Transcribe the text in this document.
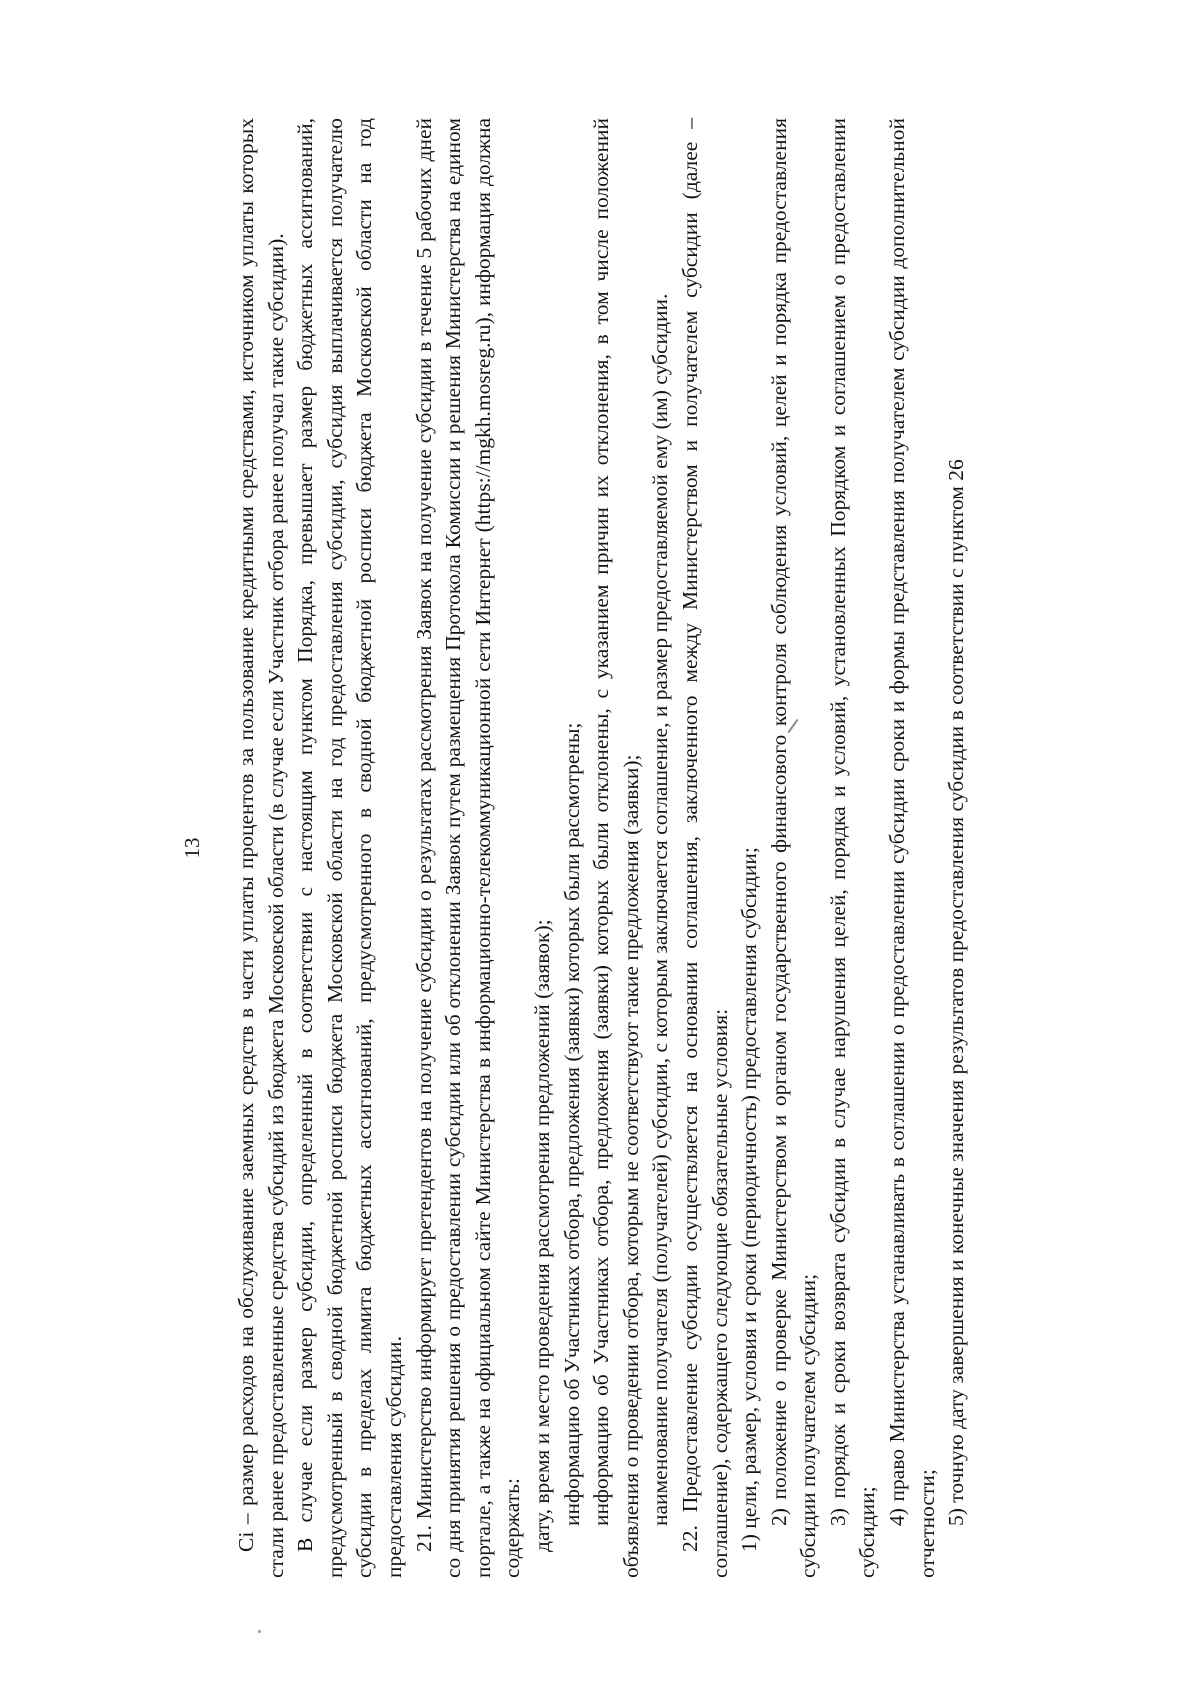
13 Ci – размер расходов на обслуживание заемных средств в части уплаты процентов за пользование кредитными средствами, источником уплаты которых стали ранее предоставленные средства субсидий из бюджета Московской области (в случае если Участник отбора ранее получал такие субсидии). В случае если размер субсидии, определенный в соответствии с настоящим пунктом Порядка, превышает размер бюджетных ассигнований, предусмотренный в сводной бюджетной росписи бюджета Московской области на год предоставления субсидии, субсидия выплачивается получателю субсидии в пределах лимита бюджетных ассигнований, предусмотренного в сводной бюджетной росписи бюджета Московской области на год предоставления субсидии. 21. Министерство информирует претендентов на получение субсидии о результатах рассмотрения Заявок на получение субсидии в течение 5 рабочих дней со дня принятия решения о предоставлении субсидии или об отклонении Заявок путем размещения Протокола Комиссии и решения Министерства на едином портале, а также на официальном сайте Министерства в информационно-телекоммуникационной сети Интернет (https://mgkh.mosreg.ru), информация должна содержать: дату, время и место проведения рассмотрения предложений (заявок); информацию об Участниках отбора, предложения (заявки) которых были рассмотрены; информацию об Участниках отбора, предложения (заявки) которых были отклонены, с указанием причин их отклонения, в том числе положений объявления о проведении отбора, которым не соответствуют такие предложения (заявки); наименование получателя (получателей) субсидии, с которым заключается соглашение, и размер предоставляемой ему (им) субсидии. 22. Предоставление субсидии осуществляется на основании соглашения, заключенного между Министерством и получателем субсидии (далее – соглашение), содержащего следующие обязательные условия: 1) цели, размер, условия и сроки (периодичность) предоставления субсидии; 2) положение о проверке Министерством и органом государственного финансового контроля соблюдения условий, целей и порядка предоставления субсидии получателем субсидии; 3) порядок и сроки возврата субсидии в случае нарушения целей, порядка и условий, установленных Порядком и соглашением о предоставлении субсидии;

4) право Министерства устанавливать в соглашении о предоставлении субсидии сроки и формы представления получателем субсидии дополнительной отчетности; 5) точную дату завершения и конечные значения результатов предоставления субсидии в соответствии с пунктом 26
